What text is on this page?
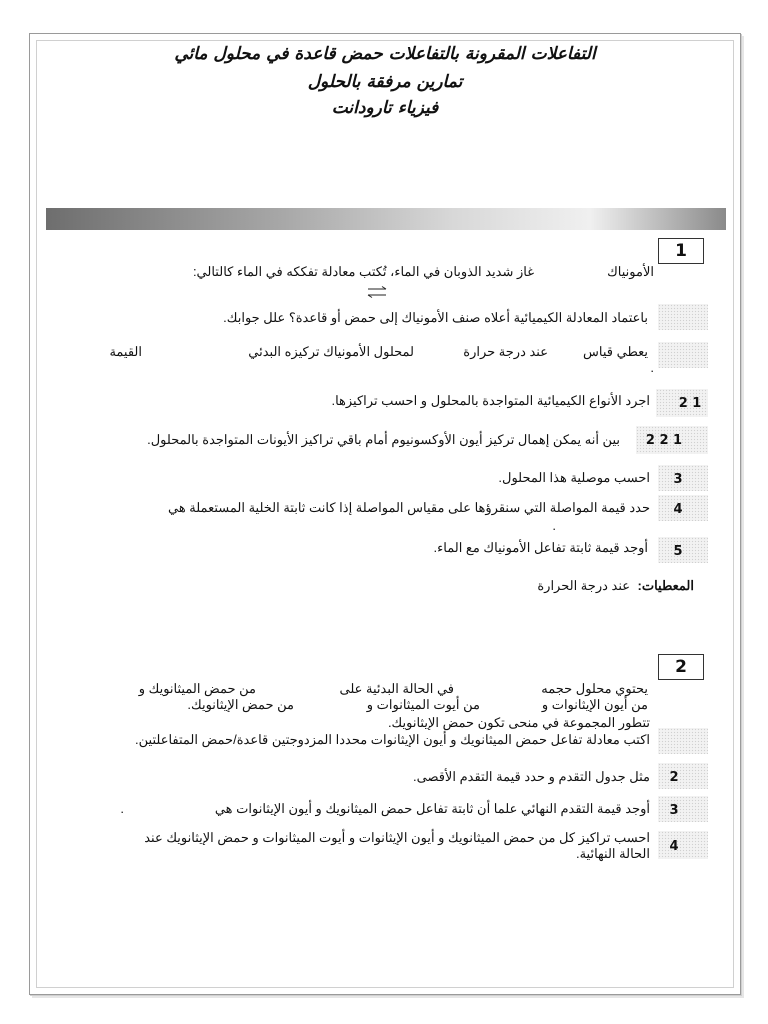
التفاعلات المقرونة بالتفاعلات حمض قاعدة في محلول مائي
تمارين مرفقة بالحلول
فيزياء تارودانت
1
الأمونياك
غاز شديد الذوبان في الماء، تُكتب معادلة تفككه في الماء كالتالي:
باعتماد المعادلة الكيميائية أعلاه صنف الأمونياك إلى حمض أو قاعدة؟ علل جوابك.
يعطي قياس
عند درجة حرارة
لمحلول الأمونياك تركيزه البدئي
القيمة
.
2 1
اجرد الأنواع الكيميائية المتواجدة بالمحلول و احسب تراكيزها.
2 2 1
بين أنه يمكن إهمال تركيز أيون الأوكسونيوم أمام باقي تراكيز الأيونات المتواجدة بالمحلول.
3
احسب موصلية هذا المحلول.
4
حدد قيمة المواصلة التي سنقرؤها على مقياس المواصلة إذا كانت ثابتة الخلية المستعملة هي
.
5
أوجد قيمة ثابتة تفاعل الأمونياك مع الماء.
المعطيات:
عند درجة الحرارة
2
يحتوي محلول حجمه
في الحالة البدئية على
من حمض الميثانويك و
من أيون الإيثانوات و
من أيوت الميثانوات و
من حمض الإيثانويك.
تتطور المجموعة في منحى تكون حمض الإيثانويك.
اكتب معادلة تفاعل حمض الميثانويك و أيون الإيثانوات محددا المزدوجتين قاعدة/حمض المتفاعلتين.
2
مثل جدول التقدم و حدد قيمة التقدم الأقصى.
3
أوجد قيمة التقدم النهائي علما أن ثابتة تفاعل حمض الميثانويك و أيون الإيثانوات هي
.
4
احسب تراكيز كل من حمض الميثانويك و أيون الإيثانوات و أيوت الميثانوات و حمض الإيثانويك عند
الحالة النهائية.
